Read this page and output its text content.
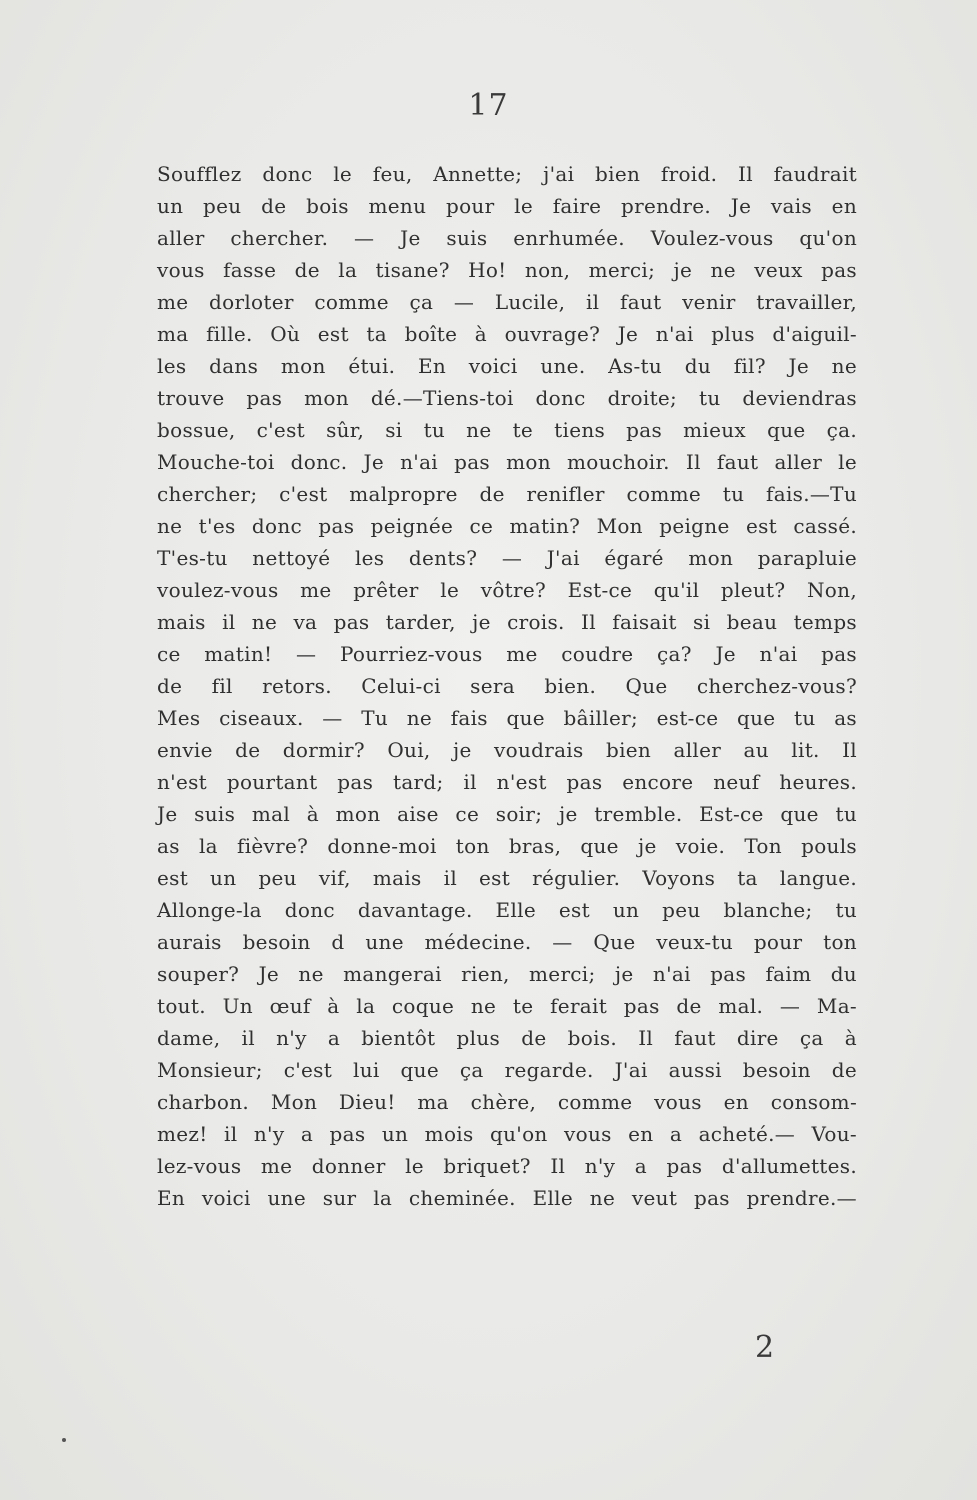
17
Soufflez donc le feu, Annette; j'ai bien froid. Il faudrait
un peu de bois menu pour le faire prendre. Je vais en
aller chercher. — Je suis enrhumée. Voulez-vous qu'on
vous fasse de la tisane? Ho! non, merci; je ne veux pas
me dorloter comme ça — Lucile, il faut venir travailler,
ma fille. Où est ta boîte à ouvrage? Je n'ai plus d'aiguil-
les dans mon étui. En voici une. As-tu du fil? Je ne
trouve pas mon dé.—Tiens-toi donc droite; tu deviendras
bossue, c'est sûr, si tu ne te tiens pas mieux que ça.
Mouche-toi donc. Je n'ai pas mon mouchoir. Il faut aller le
chercher; c'est malpropre de renifler comme tu fais.—Tu
ne t'es donc pas peignée ce matin? Mon peigne est cassé.
T'es-tu nettoyé les dents? — J'ai égaré mon parapluie
voulez-vous me prêter le vôtre? Est-ce qu'il pleut? Non,
mais il ne va pas tarder, je crois. Il faisait si beau temps
ce matin! — Pourriez-vous me coudre ça? Je n'ai pas
de fil retors. Celui-ci sera bien. Que cherchez-vous?
Mes ciseaux. — Tu ne fais que bâiller; est-ce que tu as
envie de dormir? Oui, je voudrais bien aller au lit. Il
n'est pourtant pas tard; il n'est pas encore neuf heures.
Je suis mal à mon aise ce soir; je tremble. Est-ce que tu
as la fièvre? donne-moi ton bras, que je voie. Ton pouls
est un peu vif, mais il est régulier. Voyons ta langue.
Allonge-la donc davantage. Elle est un peu blanche; tu
aurais besoin d une médecine. — Que veux-tu pour ton
souper? Je ne mangerai rien, merci; je n'ai pas faim du
tout. Un œuf à la coque ne te ferait pas de mal. — Ma-
dame, il n'y a bientôt plus de bois. Il faut dire ça à
Monsieur; c'est lui que ça regarde. J'ai aussi besoin de
charbon. Mon Dieu! ma chère, comme vous en consom-
mez! il n'y a pas un mois qu'on vous en a acheté.— Vou-
lez-vous me donner le briquet? Il n'y a pas d'allumettes.
En voici une sur la cheminée. Elle ne veut pas prendre.—
2
